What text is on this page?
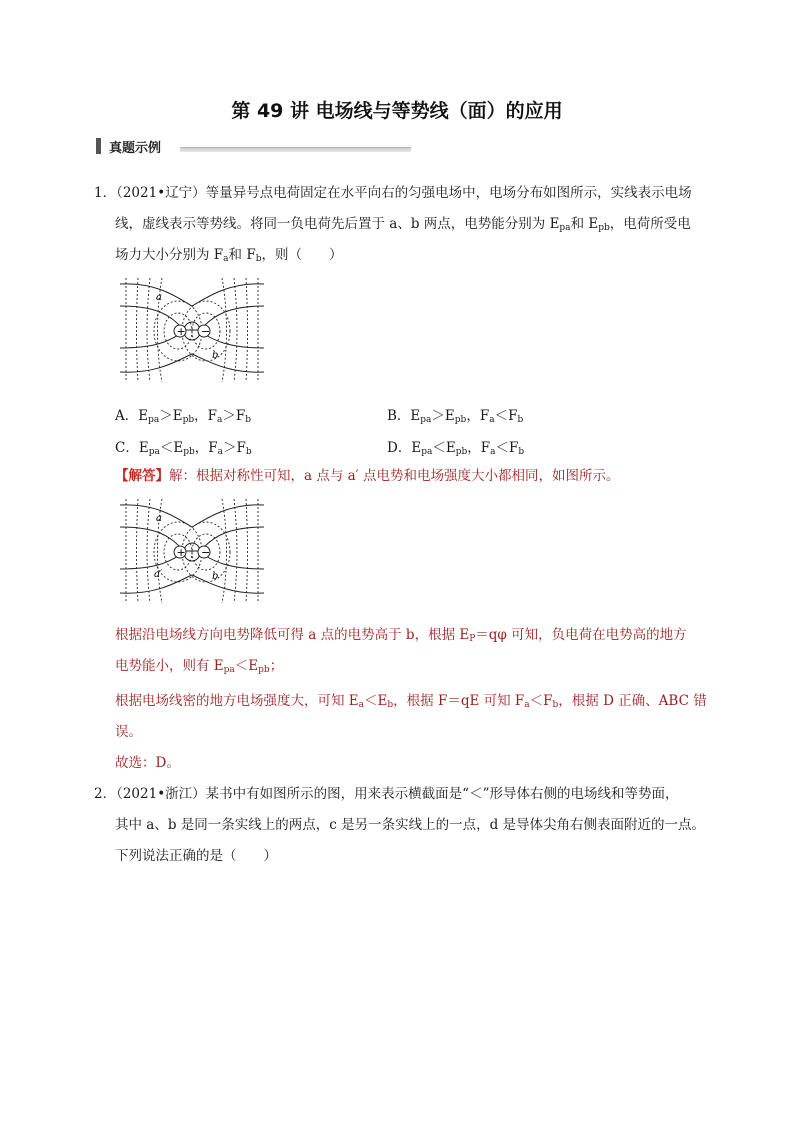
第 49 讲 电场线与等势线（面）的应用
真题示例
1．（2021•辽宁）等量异号点电荷固定在水平向右的匀强电场中，电场分布如图所示，实线表示电场
线，虚线表示等势线。将同一负电荷先后置于 a、b 两点，电势能分别为 $E_{pa}$和 $E_{pb}$，电荷所受电
场力大小分别为 $F_a$和 $F_b$，则（　　）
+ −
a
b
A．$E_{pa}>E_{pb}$，$F_a>F_b$	B．$E_{pa}>E_{pb}$，$F_a<F_b$
C．$E_{pa}<E_{pb}$，$F_a>F_b$	D．$E_{pa}<E_{pb}$，$F_a<F_b$
【解答】解：根据对称性可知，a 点与 a′ 点电势和电场强度大小都相同，如图所示。
+ −
a
a′	b
根据沿电场线方向电势降低可得 a 点的电势高于 b，根据 $E_P=q\varphi$ 可知，负电荷在电势高的地方
电势能小，则有 $E_{pa}<E_{pb}$；
根据电场线密的地方电场强度大，可知 $E_a<E_b$，根据 F＝qE 可知 $F_a<F_b$，根据 D 正确、ABC 错
误。
故选：D。
2．（2021•浙江）某书中有如图所示的图，用来表示横截面是“＜”形导体右侧的电场线和等势面，
其中 a、b 是同一条实线上的两点，c 是另一条实线上的一点，d 是导体尖角右侧表面附近的一点。
下列说法正确的是（　　）
